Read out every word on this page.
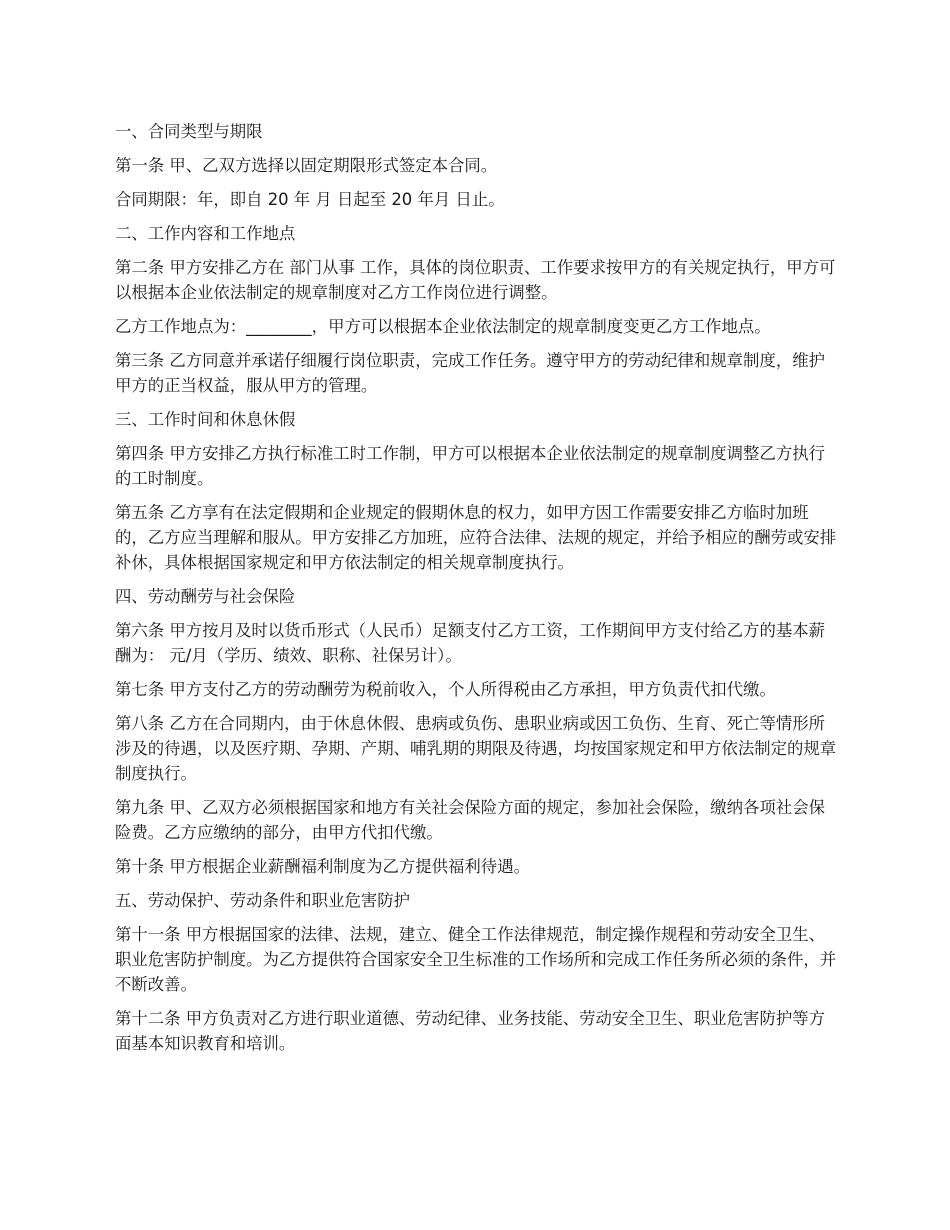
一、合同类型与期限

第一条 甲、乙双方选择以固定期限形式签定本合同。

合同期限：年，即自 20 年 月 日起至 20 年月 日止。

二、工作内容和工作地点

第二条 甲方安排乙方在 部门从事 工作，具体的岗位职责、工作要求按甲方的有关规定执行，甲方可以根据本企业依法制定的规章制度对乙方工作岗位进行调整。

乙方工作地点为：________，甲方可以根据本企业依法制定的规章制度变更乙方工作地点。

第三条 乙方同意并承诺仔细履行岗位职责，完成工作任务。遵守甲方的劳动纪律和规章制度，维护甲方的正当权益，服从甲方的管理。

三、工作时间和休息休假

第四条 甲方安排乙方执行标准工时工作制，甲方可以根据本企业依法制定的规章制度调整乙方执行的工时制度。

第五条 乙方享有在法定假期和企业规定的假期休息的权力，如甲方因工作需要安排乙方临时加班的，乙方应当理解和服从。甲方安排乙方加班，应符合法律、法规的规定，并给予相应的酬劳或安排补休，具体根据国家规定和甲方依法制定的相关规章制度执行。

四、劳动酬劳与社会保险

第六条 甲方按月及时以货币形式（人民币）足额支付乙方工资，工作期间甲方支付给乙方的基本薪酬为： 元/月（学历、绩效、职称、社保另计）。

第七条 甲方支付乙方的劳动酬劳为税前收入，个人所得税由乙方承担，甲方负责代扣代缴。

第八条 乙方在合同期内，由于休息休假、患病或负伤、患职业病或因工负伤、生育、死亡等情形所涉及的待遇，以及医疗期、孕期、产期、哺乳期的期限及待遇，均按国家规定和甲方依法制定的规章制度执行。

第九条 甲、乙双方必须根据国家和地方有关社会保险方面的规定，参加社会保险，缴纳各项社会保险费。乙方应缴纳的部分，由甲方代扣代缴。

第十条 甲方根据企业薪酬福利制度为乙方提供福利待遇。

五、劳动保护、劳动条件和职业危害防护

第十一条 甲方根据国家的法律、法规，建立、健全工作法律规范，制定操作规程和劳动安全卫生、职业危害防护制度。为乙方提供符合国家安全卫生标准的工作场所和完成工作任务所必须的条件，并不断改善。

第十二条 甲方负责对乙方进行职业道德、劳动纪律、业务技能、劳动安全卫生、职业危害防护等方面基本知识教育和培训。
